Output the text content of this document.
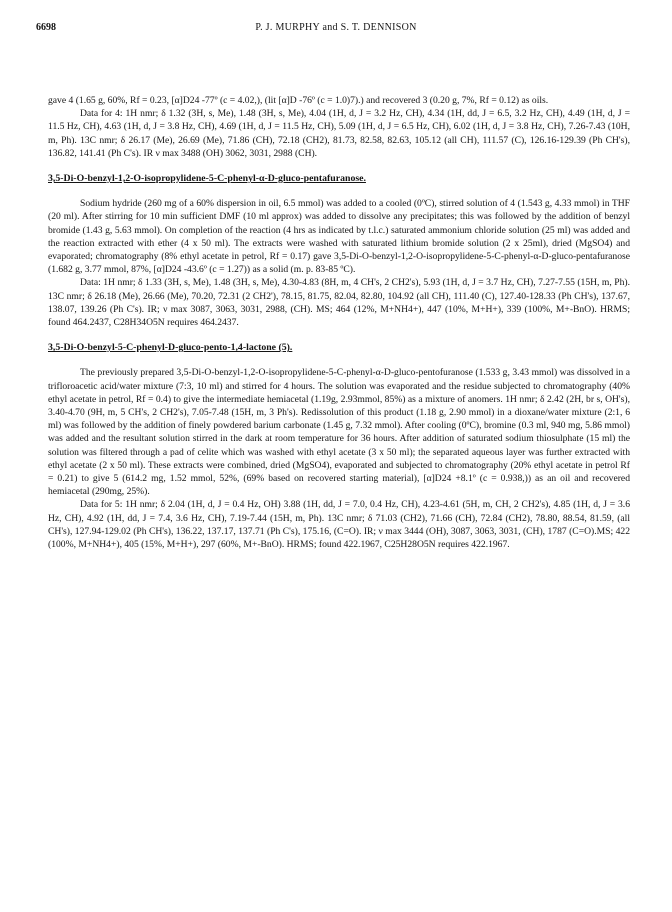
6698	P. J. MURPHY and S. T. DENNISON

gave 4 (1.65 g, 60%, Rf = 0.23, [α]D24 -77º (c = 4.02,), (lit [α]D -76º (c = 1.0)7).) and recovered 3 (0.20 g, 7%, Rf = 0.12) as oils.

Data for 4: 1H nmr; δ 1.32 (3H, s, Me), 1.48 (3H, s, Me), 4.04 (1H, d, J = 3.2 Hz, CH), 4.34 (1H, dd, J = 6.5, 3.2 Hz, CH), 4.49 (1H, d, J = 11.5 Hz, CH), 4.63 (1H, d, J = 3.8 Hz, CH), 4.69 (1H, d, J = 11.5 Hz, CH), 5.09 (1H, d, J = 6.5 Hz, CH), 6.02 (1H, d, J = 3.8 Hz, CH), 7.26-7.43 (10H, m, Ph). 13C nmr; δ 26.17 (Me), 26.69 (Me), 71.86 (CH), 72.18 (CH2), 81.73, 82.58, 82.63, 105.12 (all CH), 111.57 (C), 126.16-129.39 (Ph CH's), 136.82, 141.41 (Ph C's). IR ν max 3488 (OH) 3062, 3031, 2988 (CH).

3,5-Di-O-benzyl-1,2-O-isopropylidene-5-C-phenyl-α-D-gluco-pentafuranose.

Sodium hydride (260 mg of a 60% dispersion in oil, 6.5 mmol) was added to a cooled (0ºC), stirred solution of 4 (1.543 g, 4.33 mmol) in THF (20 ml). After stirring for 10 min sufficient DMF (10 ml approx) was added to dissolve any precipitates; this was followed by the addition of benzyl bromide (1.43 g, 5.63 mmol). On completion of the reaction (4 hrs as indicated by t.l.c.) saturated ammonium chloride solution (25 ml) was added and the reaction extracted with ether (4 x 50 ml). The extracts were washed with saturated lithium bromide solution (2 x 25ml), dried (MgSO4) and evaporated; chromatography (8% ethyl acetate in petrol, Rf = 0.17) gave 3,5-Di-O-benzyl-1,2-O-isopropylidene-5-C-phenyl-α-D-gluco-pentafuranose (1.682 g, 3.77 mmol, 87%, [α]D24 -43.6º (c = 1.27)) as a solid (m. p. 83-85 ºC).

Data: 1H nmr; δ 1.33 (3H, s, Me), 1.48 (3H, s, Me), 4.30-4.83 (8H, m, 4 CH's, 2 CH2's), 5.93 (1H, d, J = 3.7 Hz, CH), 7.27-7.55 (15H, m, Ph). 13C nmr; δ 26.18 (Me), 26.66 (Me), 70.20, 72.31 (2 CH2'), 78.15, 81.75, 82.04, 82.80, 104.92 (all CH), 111.40 (C), 127.40-128.33 (Ph CH's), 137.67, 138.07, 139.26 (Ph C's). IR; ν max 3087, 3063, 3031, 2988, (CH). MS; 464 (12%, M+NH4+), 447 (10%, M+H+), 339 (100%, M+-BnO). HRMS; found 464.2437, C28H34O5N requires 464.2437.

3,5-Di-O-benzyl-5-C-phenyl-D-gluco-pento-1,4-lactone (5).

The previously prepared 3,5-Di-O-benzyl-1,2-O-isopropylidene-5-C-phenyl-α-D-gluco-pentofuranose (1.533 g, 3.43 mmol) was dissolved in a trifloroacetic acid/water mixture (7:3, 10 ml) and stirred for 4 hours. The solution was evaporated and the residue subjected to chromatography (40% ethyl acetate in petrol, Rf = 0.4) to give the intermediate hemiacetal (1.19g, 2.93mmol, 85%) as a mixture of anomers. 1H nmr; δ 2.42 (2H, br s, OH's), 3.40-4.70 (9H, m, 5 CH's, 2 CH2's), 7.05-7.48 (15H, m, 3 Ph's). Redissolution of this product (1.18 g, 2.90 mmol) in a dioxane/water mixture (2:1, 6 ml) was followed by the addition of finely powdered barium carbonate (1.45 g, 7.32 mmol). After cooling (0ºC), bromine (0.3 ml, 940 mg, 5.86 mmol) was added and the resultant solution stirred in the dark at room temperature for 36 hours. After addition of saturated sodium thiosulphate (15 ml) the solution was filtered through a pad of celite which was washed with ethyl acetate (3 x 50 ml); the separated aqueous layer was further extracted with ethyl acetate (2 x 50 ml). These extracts were combined, dried (MgSO4), evaporated and subjected to chromatography (20% ethyl acetate in petrol Rf = 0.21) to give 5 (614.2 mg, 1.52 mmol, 52%, (69% based on recovered starting material), [α]D24 +8.1º (c = 0.938,)) as an oil and recovered hemiacetal (290mg, 25%).

Data for 5: 1H nmr; δ 2.04 (1H, d, J = 0.4 Hz, OH) 3.88 (1H, dd, J = 7.0, 0.4 Hz, CH), 4.23-4.61 (5H, m, CH, 2 CH2's), 4.85 (1H, d, J = 3.6 Hz, CH), 4.92 (1H, dd, J = 7.4, 3.6 Hz, CH), 7.19-7.44 (15H, m, Ph). 13C nmr; δ 71.03 (CH2), 71.66 (CH), 72.84 (CH2), 78.80, 88.54, 81.59, (all CH's), 127.94-129.02 (Ph CH's), 136.22, 137.17, 137.71 (Ph C's), 175.16, (C=O). IR; ν max 3444 (OH), 3087, 3063, 3031, (CH), 1787 (C=O).MS; 422 (100%, M+NH4+), 405 (15%, M+H+), 297 (60%, M+-BnO). HRMS; found 422.1967, C25H28O5N requires 422.1967.
